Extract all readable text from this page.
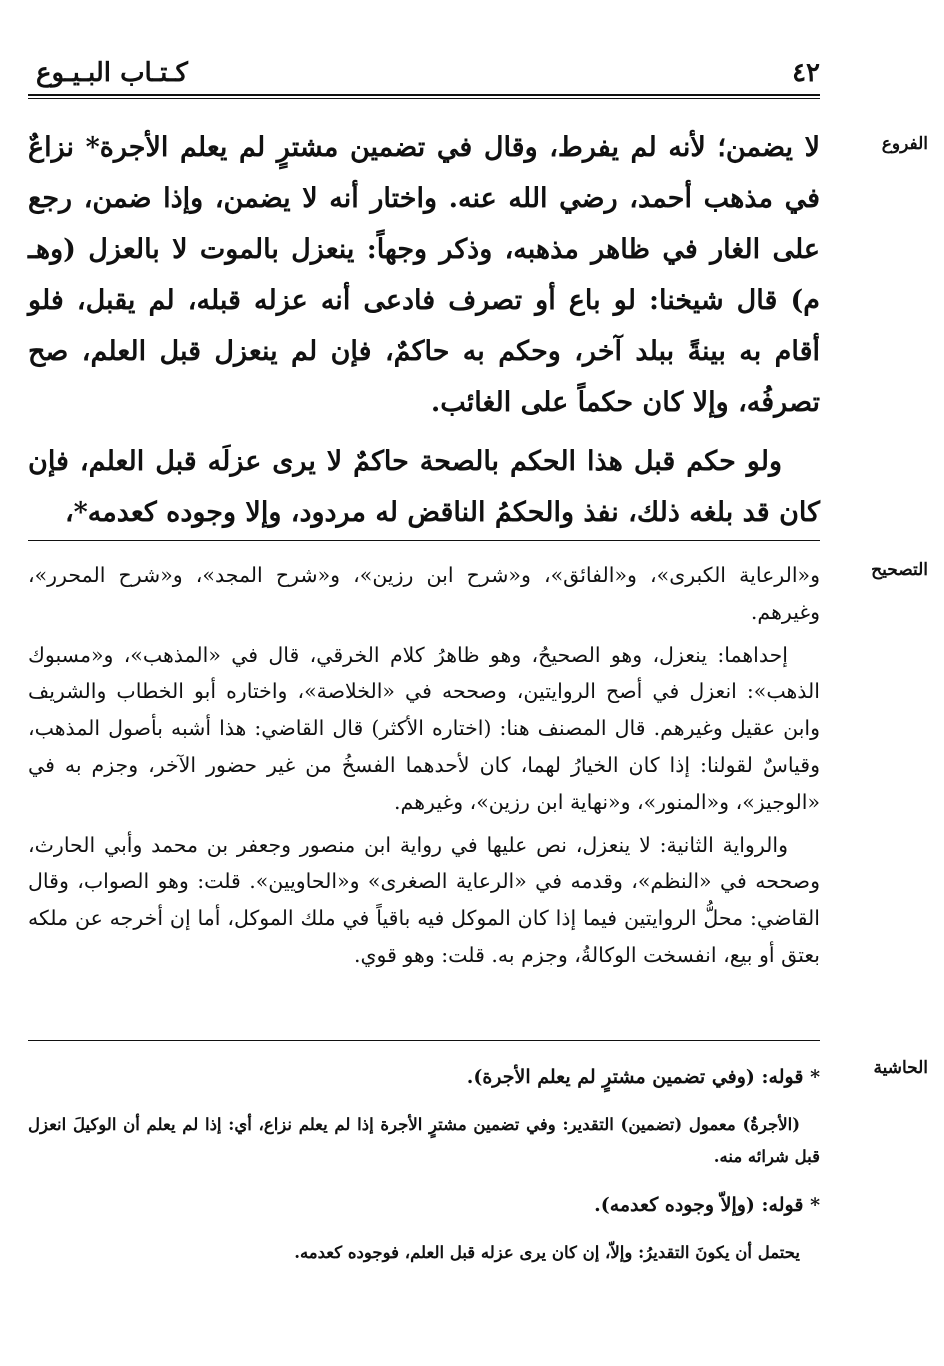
٤٢
كـتـاب البـيـوع
الفروع

لا يضمن؛ لأنه لم يفرط، وقال في تضمين مشترٍ لم يعلم الأجرة* نزاعٌ في مذهب أحمد، رضي الله عنه. واختار أنه لا يضمن، وإذا ضمن، رجع على الغار في ظاهر مذهبه، وذكر وجهاً: ينعزل بالموت لا بالعزل (وهـ م) قال شيخنا: لو باع أو تصرف فادعى أنه عزله قبله، لم يقبل، فلو أقام به بينةً ببلد آخر، وحكم به حاكمٌ، فإن لم ينعزل قبل العلم، صح تصرفُه، وإلا كان حكماً على الغائب.

ولو حكم قبل هذا الحكم بالصحة حاكمٌ لا يرى عزلَه قبل العلم، فإن كان قد بلغه ذلك، نفذ والحكمُ الناقض له مردود، وإلا وجوده كعدمه*،

التصحيح

و«الرعاية الكبرى»، و«الفائق»، و«شرح ابن رزين»، و«شرح المجد»، و«شرح المحرر»، وغيرهم.

إحداهما: ينعزل، وهو الصحيحُ، وهو ظاهرُ كلام الخرقي، قال في «المذهب»، و«مسبوك الذهب»: انعزل في أصح الروايتين، وصححه في «الخلاصة»، واختاره أبو الخطاب والشريف وابن عقيل وغيرهم. قال المصنف هنا: (اختاره الأكثر) قال القاضي: هذا أشبه بأصول المذهب، وقياسٌ لقولنا: إذا كان الخيارُ لهما، كان لأحدهما الفسخُ من غير حضور الآخر، وجزم به في «الوجيز»، و«المنور»، و«نهاية ابن رزين»، وغيرهم.

والرواية الثانية: لا ينعزل، نص عليها في رواية ابن منصور وجعفر بن محمد وأبي الحارث، وصححه في «النظم»، وقدمه في «الرعاية الصغرى» و«الحاويين». قلت: وهو الصواب، وقال القاضي: محلُّ الروايتين فيما إذا كان الموكل فيه باقياً في ملك الموكل، أما إن أخرجه عن ملكه بعتق أو بيع، انفسخت الوكالةُ، وجزم به. قلت: وهو قوي.

الحاشية

* قوله: (وفي تضمين مشترٍ لم يعلم الأجرة).

(الأجرةُ) معمول (تضمين) التقدير: وفي تضمين مشترٍ الأجرة إذا لم يعلم نزاع، أي: إذا لم يعلم أن الوكيلَ انعزل قبل شرائه منه.

* قوله: (وإلاّ وجوده كعدمه).

يحتمل أن يكونَ التقديرُ: وإلاّ، إن كان يرى عزله قبل العلم، فوجوده كعدمه.
